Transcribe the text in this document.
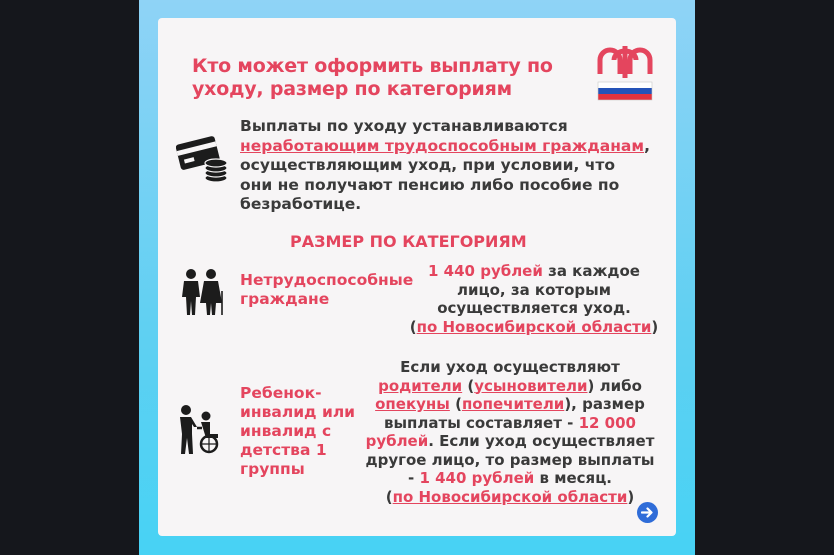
Кто может оформить выплату по уходу, размер по категориям
Выплаты по уходу устанавливаются неработающим трудоспособным гражданам, осуществляющим уход, при условии, что они не получают пенсию либо пособие по безработице.
РАЗМЕР ПО КАТЕГОРИЯМ
Нетрудоспособные граждане
1 440 рублей за каждое лицо, за которым осуществляется уход.
(по Новосибирской области)
Ребенок-инвалид или инвалид с детства 1 группы
Если уход осуществляют родители (усыновители) либо опекуны (попечители), размер выплаты составляет - 12 000 рублей. Если уход осуществляет другое лицо, то размер выплаты - 1 440 рублей в месяц.
(по Новосибирской области)
